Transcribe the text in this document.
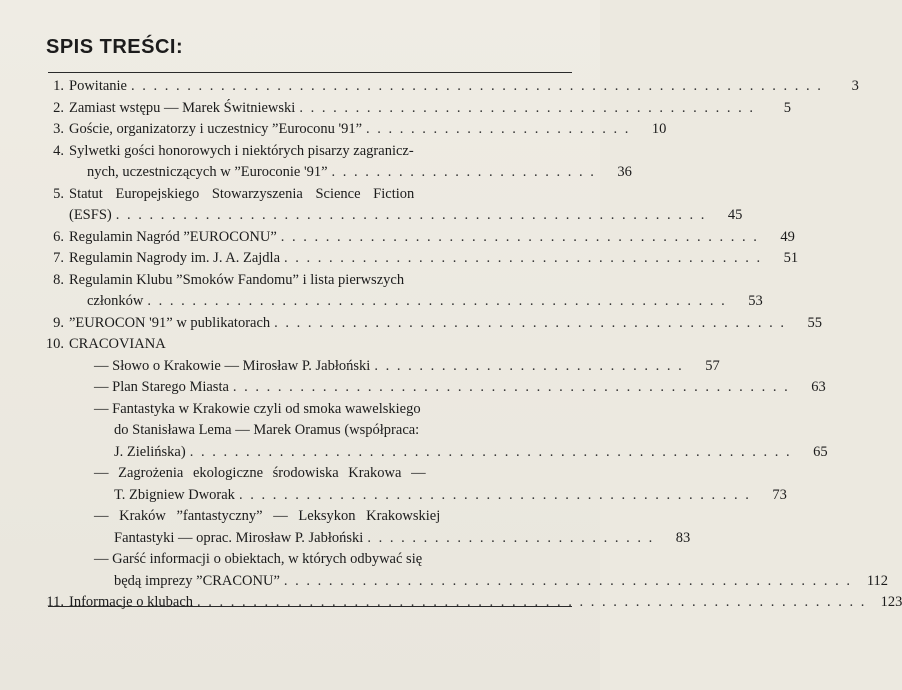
SPIS TREŚCI:
1. Powitanie . . . . . . . . . . . . . . . . . . . . . . . . . . . . . . . . . . . . . . . . . . . . . . . . . . . . . . . . . . . . . .	3
2. Zamiast wstępu — Marek Świtniewski . . . . . . . . . . . . . . . . . . . . . . . . . . . . . . . . . . . . . . . . .	5
3. Goście, organizatorzy i uczestnicy ”Euroconu '91” . . . . . . . . . . . . . . . . . . . . . . . .	10
4. Sylwetki gości honorowych i niektórych pisarzy zagranicz-
nych, uczestniczących w ”Euroconie '91” . . . . . . . . . . . . . . . . . . . . . . . .	36
5. Statut Europejskiego Stowarzyszenia Science Fiction
(ESFS) . . . . . . . . . . . . . . . . . . . . . . . . . . . . . . . . . . . . . . . . . . . . . . . . . . . . .	45
6. Regulamin Nagród ”EUROCONU” . . . . . . . . . . . . . . . . . . . . . . . . . . . . . . . . . . . . . . . . . . .	49
7. Regulamin Nagrody im. J. A. Zajdla . . . . . . . . . . . . . . . . . . . . . . . . . . . . . . . . . . . . . . . . . . .	51
8. Regulamin Klubu ”Smoków Fandomu” i lista pierwszych
członków . . . . . . . . . . . . . . . . . . . . . . . . . . . . . . . . . . . . . . . . . . . . . . . . . . . .	53
9. ”EUROCON '91” w publikatorach . . . . . . . . . . . . . . . . . . . . . . . . . . . . . . . . . . . . . . . . . . . . . .	55
10. CRACOVIANA
— Słowo o Krakowie — Mirosław P. Jabłoński . . . . . . . . . . . . . . . . . . . . . . . . . . . .	57
— Plan Starego Miasta . . . . . . . . . . . . . . . . . . . . . . . . . . . . . . . . . . . . . . . . . . . . . . . . . .	63
— Fantastyka w Krakowie czyli od smoka wawelskiego
do Stanisława Lema — Marek Oramus (współpraca:
J. Zielińska) . . . . . . . . . . . . . . . . . . . . . . . . . . . . . . . . . . . . . . . . . . . . . . . . . . . . . .	65
— Zagrożenia ekologiczne środowiska Krakowa —
T. Zbigniew Dworak . . . . . . . . . . . . . . . . . . . . . . . . . . . . . . . . . . . . . . . . . . . . . .	73
— Kraków ”fantastyczny” — Leksykon Krakowskiej
Fantastyki — oprac. Mirosław P. Jabłoński . . . . . . . . . . . . . . . . . . . . . . . . . .	83
— Garść informacji o obiektach, w których odbywać się
będą imprezy ”CRACONU” . . . . . . . . . . . . . . . . . . . . . . . . . . . . . . . . . . . . . . . . . . . . . . . . . . .	112
11. Informacje o klubach . . . . . . . . . . . . . . . . . . . . . . . . . . . . . . . . . . . . . . . . . . . . . . . . . . . . . . . . . . . . 123
